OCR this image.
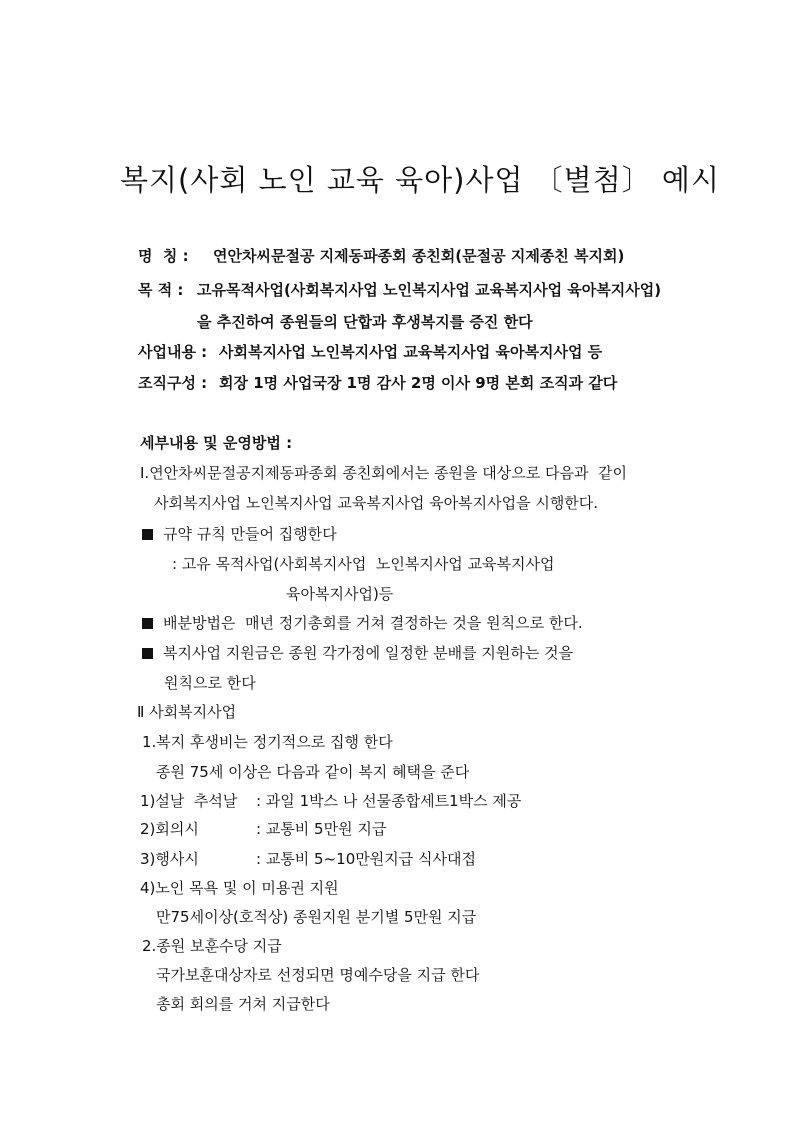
복지(사회 노인 교육 육아)사업 〔별첨〕 예시
명  칭 : 연안차씨문절공 지제동파종회 종친회(문절공 지제종친 복지회)
목 적 : 고유목적사업(사회복지사업 노인복지사업 교육복지사업 육아복지사업)
을 추진하여 종원들의 단합과 후생복지를 증진 한다
사업내용 : 사회복지사업 노인복지사업 교육복지사업 육아복지사업 등
조직구성 : 회장 1명 사업국장 1명 감사 2명 이사 9명 본회 조직과 같다
세부내용 및 운영방법 :
Ⅰ.연안차씨문절공지제동파종회 종친회에서는 종원을 대상으로 다음과  같이
사회복지사업 노인복지사업 교육복지사업 육아복지사업을 시행한다.
규약 규칙 만들어 집행한다
: 고유 목적사업(사회복지사업  노인복지사업 교육복지사업
육아복지사업)등
배분방법은  매년 정기총회를 거쳐 결정하는 것을 원칙으로 한다.
복지사업 지원금은 종원 각가정에 일정한 분배를 지원하는 것을
원칙으로 한다
Ⅱ 사회복지사업
1.복지 후생비는 정기적으로 집행 한다
종원 75세 이상은 다음과 같이 복지 혜택을 준다
1)설날  추석날 : 과일 1박스 나 선물종합세트1박스 제공
2)회의시	: 교통비 5만원 지급
3)행사시	: 교통비 5~10만원지급 식사대접
4)노인 목욕 및 이 미용권 지원
만75세이상(호적상) 종원지원 분기별 5만원 지급
2.종원 보훈수당 지급
국가보훈대상자로 선정되면 명예수당을 지급 한다
총회 회의를 거쳐 지급한다
